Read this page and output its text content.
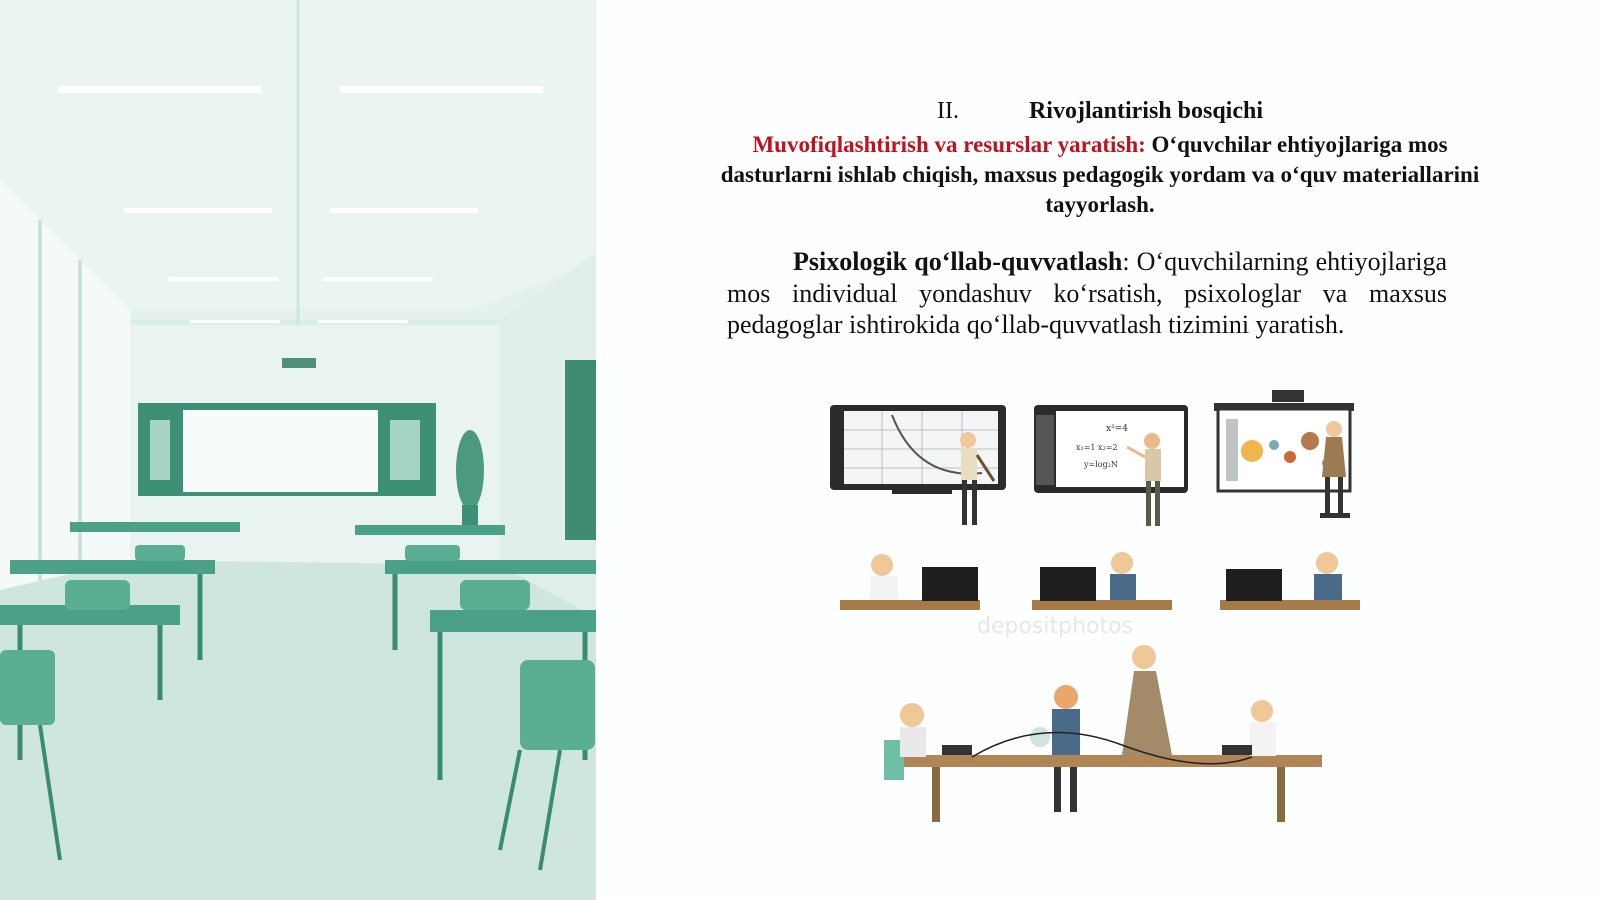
II.	Rivojlantirish bosqichi
Muvofiqlashtirish va resurslar yaratish: O‘quvchilar ehtiyojlariga mos dasturlarni ishlab chiqish, maxsus pedagogik yordam va o‘quv materiallarini tayyorlash.
Psixologik qo‘llab-quvvatlash: O‘quvchilarning ehtiyojlariga mos individual yondashuv ko‘rsatish, psixologlar va maxsus pedagoglar ishtirokida qo‘llab-quvvatlash tizimini yaratish.
x²=4
x₁=1 x₂=2
y=log₂N
depositphotos
